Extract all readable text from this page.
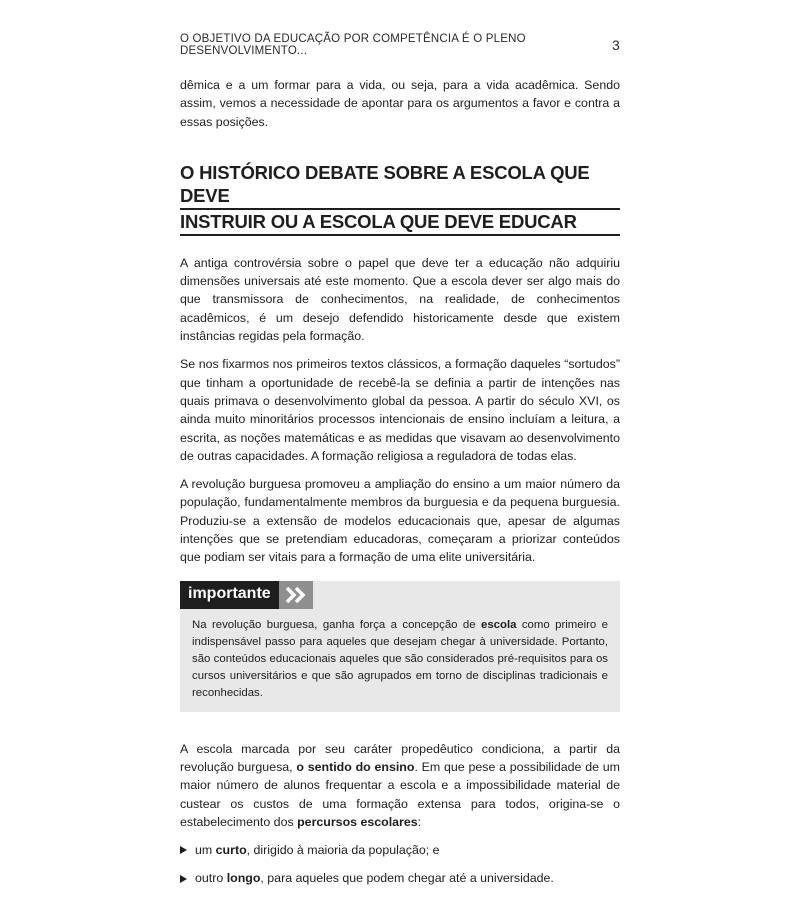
O OBJETIVO DA EDUCAÇÃO POR COMPETÊNCIA É O PLENO DESENVOLVIMENTO...	3

dêmica e a um formar para a vida, ou seja, para a vida acadêmica. Sendo assim, vemos a necessidade de apontar para os argumentos a favor e contra a essas posições.

O HISTÓRICO DEBATE SOBRE A ESCOLA QUE DEVE
INSTRUIR OU A ESCOLA QUE DEVE EDUCAR

A antiga controvérsia sobre o papel que deve ter a educação não adquiriu dimensões universais até este momento. Que a escola dever ser algo mais do que transmissora de conhecimentos, na realidade, de conhecimentos acadêmicos, é um desejo defendido historicamente desde que existem instâncias regidas pela formação.

Se nos fixarmos nos primeiros textos clássicos, a formação daqueles “sortudos” que tinham a oportunidade de recebê-la se definia a partir de intenções nas quais primava o desenvolvimento global da pessoa. A partir do século XVI, os ainda muito minoritários processos intencionais de ensino incluíam a leitura, a escrita, as noções matemáticas e as medidas que visavam ao desenvolvimento de outras capacidades. A formação religiosa a reguladora de todas elas.

A revolução burguesa promoveu a ampliação do ensino a um maior número da população, fundamentalmente membros da burguesia e da pequena burguesia. Produziu-se a extensão de modelos educacionais que, apesar de algumas intenções que se pretendiam educadoras, começaram a priorizar conteúdos que podiam ser vitais para a formação de uma elite universitária.

importante
Na revolução burguesa, ganha força a concepção de escola como primeiro e indispensável passo para aqueles que desejam chegar à universidade. Portanto, são conteúdos educacionais aqueles que são considerados pré-requisitos para os cursos universitários e que são agrupados em torno de disciplinas tradicionais e reconhecidas.

A escola marcada por seu caráter propedêutico condiciona, a partir da revolução burguesa, o sentido do ensino. Em que pese a possibilidade de um maior número de alunos frequentar a escola e a impossibilidade material de custear os custos de uma formação extensa para todos, origina-se o estabelecimento dos percursos escolares:

um curto, dirigido à maioria da população; e
outro longo, para aqueles que podem chegar até a universidade.
